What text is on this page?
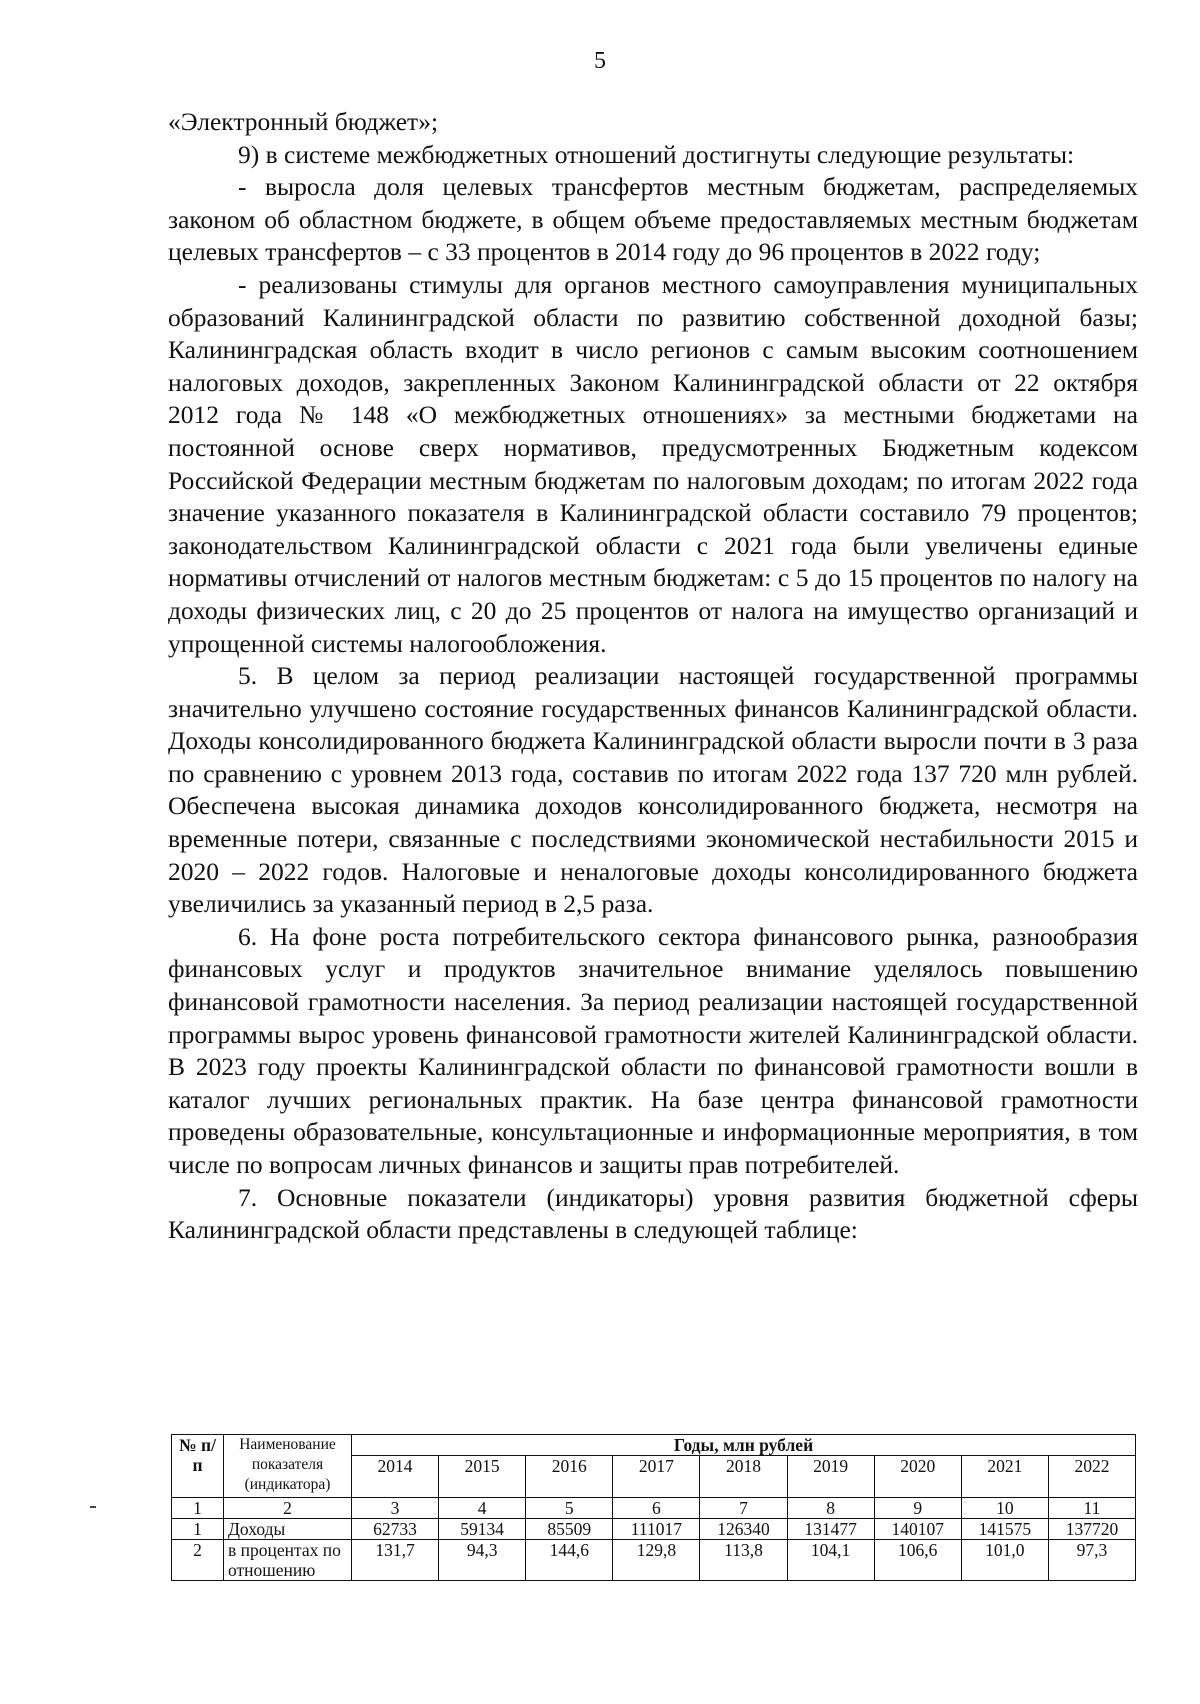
5

«Электронный бюджет»;

9) в системе межбюджетных отношений достигнуты следующие результаты:

- выросла доля целевых трансфертов местным бюджетам, распределяемых законом об областном бюджете, в общем объеме предоставляемых местным бюджетам целевых трансфертов – с 33 процентов в 2014 году до 96 процентов в 2022 году;

- реализованы стимулы для органов местного самоуправления муниципальных образований Калининградской области по развитию собственной доходной базы; Калининградская область входит в число регионов с самым высоким соотношением налоговых доходов, закрепленных Законом Калининградской области от 22 октября 2012 года № 148 «О межбюджетных отношениях» за местными бюджетами на постоянной основе сверх нормативов, предусмотренных Бюджетным кодексом Российской Федерации местным бюджетам по налоговым доходам; по итогам 2022 года значение указанного показателя в Калининградской области составило 79 процентов; законодательством Калининградской области с 2021 года были увеличены единые нормативы отчислений от налогов местным бюджетам: с 5 до 15 процентов по налогу на доходы физических лиц, с 20 до 25 процентов от налога на имущество организаций и упрощенной системы налогообложения.

5. В целом за период реализации настоящей государственной программы значительно улучшено состояние государственных финансов Калининградской области. Доходы консолидированного бюджета Калининградской области выросли почти в 3 раза по сравнению с уровнем 2013 года, составив по итогам 2022 года 137 720 млн рублей. Обеспечена высокая динамика доходов консолидированного бюджета, несмотря на временные потери, связанные с последствиями экономической нестабильности 2015 и 2020 – 2022 годов. Налоговые и неналоговые доходы консолидированного бюджета увеличились за указанный период в 2,5 раза.

6. На фоне роста потребительского сектора финансового рынка, разнообразия финансовых услуг и продуктов значительное внимание уделялось повышению финансовой грамотности населения. За период реализации настоящей государственной программы вырос уровень финансовой грамотности жителей Калининградской области. В 2023 году проекты Калининградской области по финансовой грамотности вошли в каталог лучших региональных практик. На базе центра финансовой грамотности проведены образовательные, консультационные и информационные мероприятия, в том числе по вопросам личных финансов и защиты прав потребителей.

7. Основные показатели (индикаторы) уровня развития бюджетной сферы Калининградской области представлены в следующей таблице:

№ п/п	Наименование показателя (индикатора)	Годы, млн рублей								
		2014	2015	2016	2017	2018	2019	2020	2021	2022
1	2	3	4	5	6	7	8	9	10	11
1	Доходы	62733	59134	85509	111017	126340	131477	140107	141575	137720
2	в процентах по отношению	131,7	94,3	144,6	129,8	113,8	104,1	106,6	101,0	97,3
